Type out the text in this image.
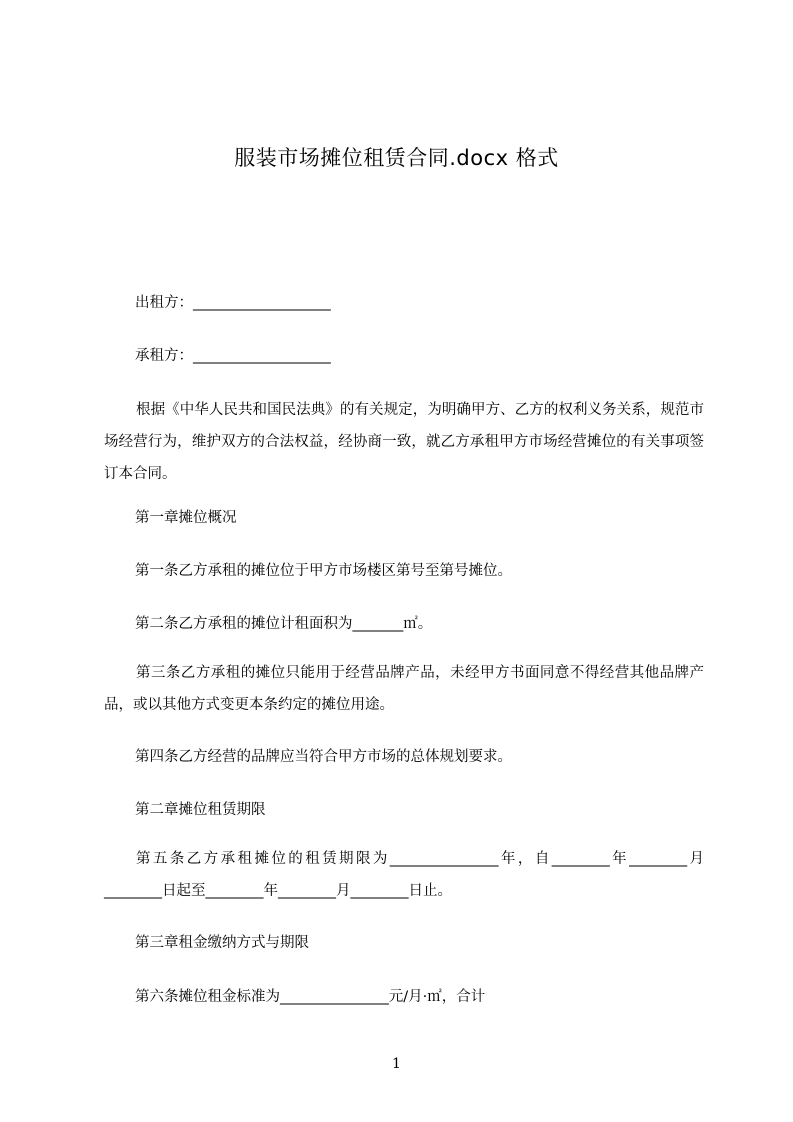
服装市场摊位租赁合同.docx 格式
出租方：___________________
承租方：___________________
根据《中华人民共和国民法典》的有关规定，为明确甲方、乙方的权利义务关系，规范市场经营行为，维护双方的合法权益，经协商一致，就乙方承租甲方市场经营摊位的有关事项签订本合同。
第一章摊位概况
第一条乙方承租的摊位位于甲方市场楼区第号至第号摊位。
第二条乙方承租的摊位计租面积为_______㎡。
第三条乙方承租的摊位只能用于经营品牌产品，未经甲方书面同意不得经营其他品牌产品，或以其他方式变更本条约定的摊位用途。
第四条乙方经营的品牌应当符合甲方市场的总体规划要求。
第二章摊位租赁期限
第五条乙方承租摊位的租赁期限为_______________年，自________年________月________日起至________年________月________日止。
第三章租金缴纳方式与期限
第六条摊位租金标准为_______________元/月·㎡，合计
1
